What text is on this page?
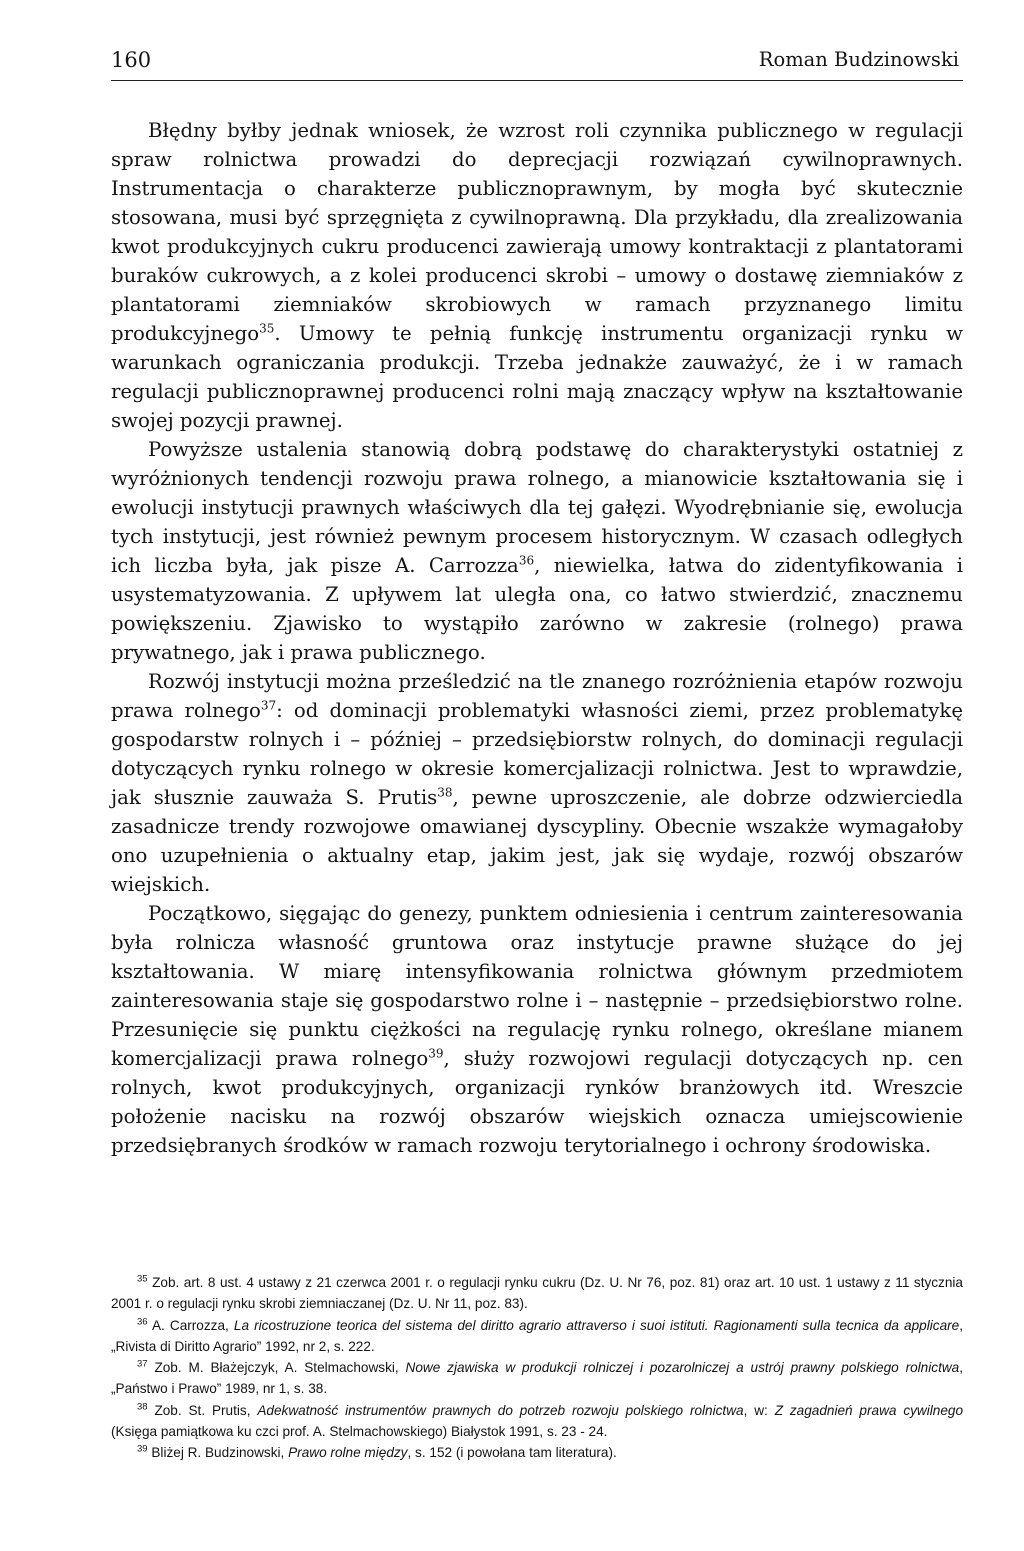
160	Roman Budzinowski

Błędny byłby jednak wniosek, że wzrost roli czynnika publicznego w regulacji spraw rolnictwa prowadzi do deprecjacji rozwiązań cywilnoprawnych. Instrumentacja o charakterze publicznoprawnym, by mogła być skutecznie stosowana, musi być sprzęgnięta z cywilnoprawną. Dla przykładu, dla zrealizowania kwot produkcyjnych cukru producenci zawierają umowy kontraktacji z plantatorami buraków cukrowych, a z kolei producenci skrobi – umowy o dostawę ziemniaków z plantatorami ziemniaków skrobiowych w ramach przyznanego limitu produkcyjnego$^{35}$. Umowy te pełnią funkcję instrumentu organizacji rynku w warunkach ograniczania produkcji. Trzeba jednakże zauważyć, że i w ramach regulacji publicznoprawnej producenci rolni mają znaczący wpływ na kształtowanie swojej pozycji prawnej.

Powyższe ustalenia stanowią dobrą podstawę do charakterystyki ostatniej z wyróżnionych tendencji rozwoju prawa rolnego, a mianowicie kształtowania się i ewolucji instytucji prawnych właściwych dla tej gałęzi. Wyodrębnianie się, ewolucja tych instytucji, jest również pewnym procesem historycznym. W czasach odległych ich liczba była, jak pisze A. Carrozza$^{36}$, niewielka, łatwa do zidentyfikowania i usystematyzowania. Z upływem lat uległa ona, co łatwo stwierdzić, znacznemu powiększeniu. Zjawisko to wystąpiło zarówno w zakresie (rolnego) prawa prywatnego, jak i prawa publicznego.

Rozwój instytucji można prześledzić na tle znanego rozróżnienia etapów rozwoju prawa rolnego$^{37}$: od dominacji problematyki własności ziemi, przez problematykę gospodarstw rolnych i – później – przedsiębiorstw rolnych, do dominacji regulacji dotyczących rynku rolnego w okresie komercjalizacji rolnictwa. Jest to wprawdzie, jak słusznie zauważa S. Prutis$^{38}$, pewne uproszczenie, ale dobrze odzwierciedla zasadnicze trendy rozwojowe omawianej dyscypliny. Obecnie wszakże wymagałoby ono uzupełnienia o aktualny etap, jakim jest, jak się wydaje, rozwój obszarów wiejskich.

Początkowo, sięgając do genezy, punktem odniesienia i centrum zainteresowania była rolnicza własność gruntowa oraz instytucje prawne służące do jej kształtowania. W miarę intensyfikowania rolnictwa głównym przedmiotem zainteresowania staje się gospodarstwo rolne i – następnie – przedsiębiorstwo rolne. Przesunięcie się punktu ciężkości na regulację rynku rolnego, określane mianem komercjalizacji prawa rolnego$^{39}$, służy rozwojowi regulacji dotyczących np. cen rolnych, kwot produkcyjnych, organizacji rynków branżowych itd. Wreszcie położenie nacisku na rozwój obszarów wiejskich oznacza umiejscowienie przedsiębranych środków w ramach rozwoju terytorialnego i ochrony środowiska.

$^{35}$ Zob. art. 8 ust. 4 ustawy z 21 czerwca 2001 r. o regulacji rynku cukru (Dz. U. Nr 76, poz. 81) oraz art. 10 ust. 1 ustawy z 11 stycznia 2001 r. o regulacji rynku skrobi ziemniaczanej (Dz. U. Nr 11, poz. 83).

$^{36}$ A. Carrozza, La ricostruzione teorica del sistema del diritto agrario attraverso i suoi istituti. Ragionamenti sulla tecnica da applicare, „Rivista di Diritto Agrario” 1992, nr 2, s. 222.

$^{37}$ Zob. M. Błażejczyk, A. Stelmachowski, Nowe zjawiska w produkcji rolniczej i pozarolniczej a ustrój prawny polskiego rolnictwa, „Państwo i Prawo” 1989, nr 1, s. 38.

$^{38}$ Zob. St. Prutis, Adekwatność instrumentów prawnych do potrzeb rozwoju polskiego rolnictwa, w: Z zagadnień prawa cywilnego (Księga pamiątkowa ku czci prof. A. Stelmachowskiego) Białystok 1991, s. 23 - 24.

$^{39}$ Bliżej R. Budzinowski, Prawo rolne między, s. 152 (i powołana tam literatura).
